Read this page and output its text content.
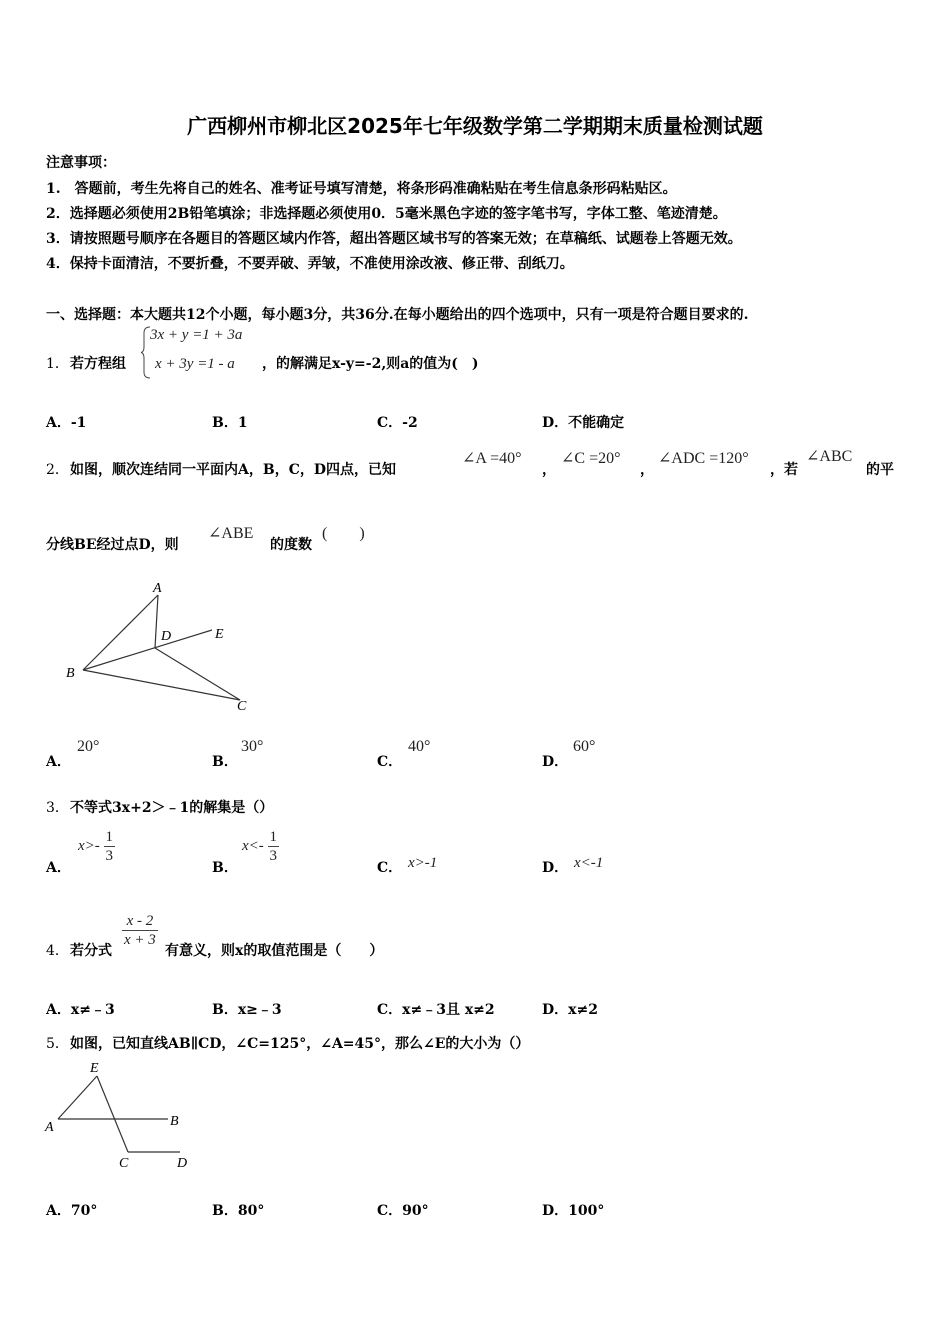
广西柳州市柳北区2025年七年级数学第二学期期末质量检测试题
注意事项：
1.　答题前，考生先将自己的姓名、准考证号填写清楚，将条形码准确粘贴在考生信息条形码粘贴区。
2．选择题必须使用2B铅笔填涂；非选择题必须使用0．5毫米黑色字迹的签字笔书写，字体工整、笔迹清楚。
3．请按照题号顺序在各题目的答题区域内作答，超出答题区域书写的答案无效；在草稿纸、试题卷上答题无效。
4．保持卡面清洁，不要折叠，不要弄破、弄皱，不准使用涂改液、修正带、刮纸刀。
一、选择题：本大题共12个小题，每小题3分，共36分.在每小题给出的四个选项中，只有一项是符合题目要求的.
1． 若方程组
3x + y =1 + 3a
x + 3y =1 - a ，的解满足x-y=-2,则a的值为(　)
A．-1	B．1	C．-2	D．不能确定
2． 如图，顺次连结同一平面内A，B，C，D四点，已知
∠A =40°
，
∠C =20°
，
∠ADC =120°
，若
∠ABC
的平
分线BE经过点D，则
∠ABE
的度数
(　　)
A
B
C
D	E
A．
20°
B．
30°
C．
40°
D．
60°
3． 不等式3x+2＞﹣1的解集是（）
A．
$x>- \frac{1}{3}$
B．
$x<- \frac{1}{3}$
C． x>-1	D． x<-1
4． 若分式
$\frac{x - 2}{x + 3}$
有意义，则x的取值范围是（　　）
A．x≠﹣3	B．x≥﹣3	C．x≠﹣3且 x≠2	D．x≠2
5． 如图，已知直线AB∥CD，∠C=125°，∠A=45°，那么∠E的大小为（）
E
A	B
C	D
A．70°	B．80°	C．90°	D．100°
